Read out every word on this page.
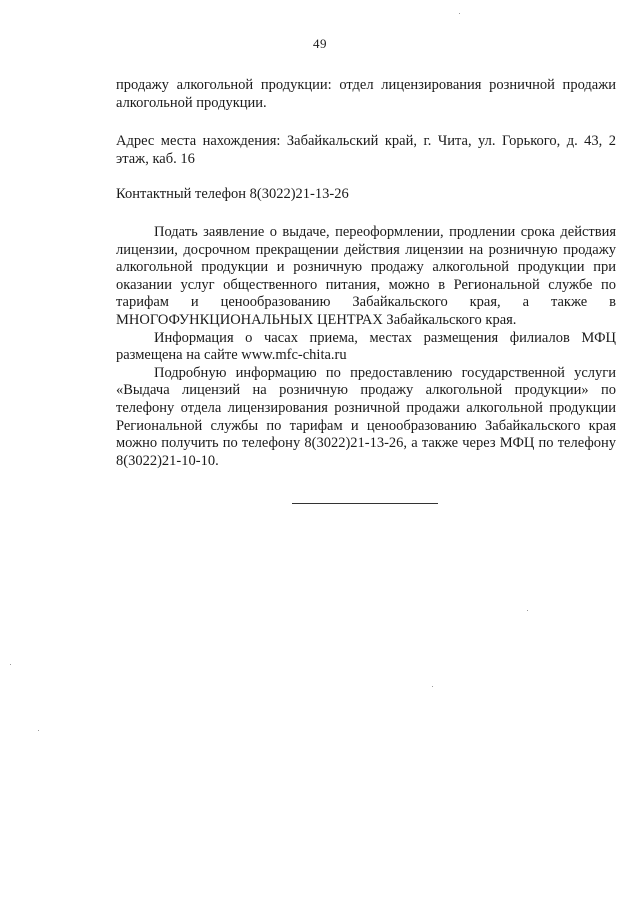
49

продажу алкогольной продукции: отдел лицензирования розничной продажи алкогольной продукции.

Адрес места нахождения: Забайкальский край, г. Чита, ул. Горького, д. 43, 2 этаж, каб. 16

Контактный телефон 8(3022)21-13-26

Подать заявление о выдаче, переоформлении, продлении срока действия лицензии, досрочном прекращении действия лицензии на розничную продажу алкогольной продукции и розничную продажу алкогольной продукции при оказании услуг общественного питания, можно в Региональной службе по тарифам и ценообразованию Забайкальского края, а также в МНОГОФУНКЦИОНАЛЬНЫХ ЦЕНТРАХ Забайкальского края.

Информация о часах приема, местах размещения филиалов МФЦ размещена на сайте www.mfc-chita.ru

Подробную информацию по предоставлению государственной услуги «Выдача лицензий на розничную продажу алкогольной продукции» по телефону отдела лицензирования розничной продажи алкогольной продукции Региональной службы по тарифам и ценообразованию Забайкальского края можно получить по телефону 8(3022)21-13-26, а также через МФЦ по телефону 8(3022)21-10-10.
